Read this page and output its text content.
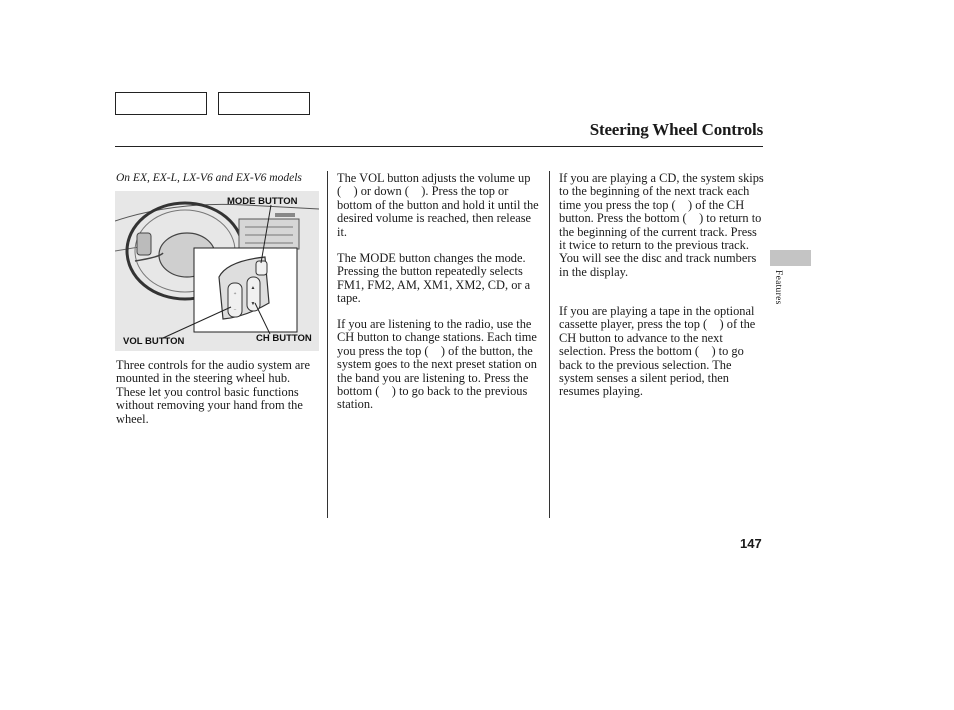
Steering Wheel Controls
On EX, EX-L, LX-V6 and EX-V6 models
+
−
▲
▼
MODE BUTTON
VOL BUTTON	CH BUTTON

Three controls for the audio system are mounted in the steering wheel hub. These let you control basic functions without removing your hand from the wheel.

The VOL button adjusts the volume up ( ) or down ( ). Press the top or bottom of the button and hold it until the desired volume is reached, then release it.

The MODE button changes the mode. Pressing the button repeatedly selects FM1, FM2, AM, XM1, XM2, CD, or a tape.

If you are listening to the radio, use the CH button to change stations. Each time you press the top ( ) of the button, the system goes to the next preset station on the band you are listening to. Press the bottom ( ) to go back to the previous station.

If you are playing a CD, the system skips to the beginning of the next track each time you press the top ( ) of the CH button. Press the bottom ( ) to return to the beginning of the current track. Press it twice to return to the previous track. You will see the disc and track numbers in the display.

If you are playing a tape in the optional cassette player, press the top ( ) of the CH button to advance to the next selection. Press the bottom ( ) to go back to the previous selection. The system senses a silent period, then resumes playing.

Features
147
